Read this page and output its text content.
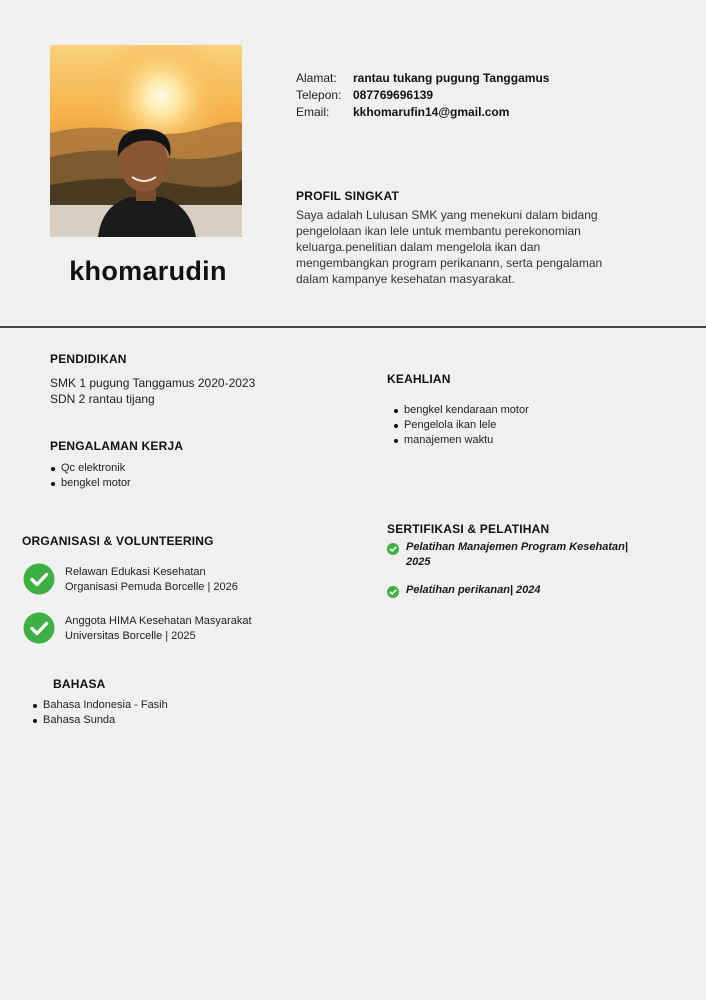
khomarudin
Alamat:	rantau tukang pugung Tanggamus
Telepon: 087769696139
Email:	kkhomarufin14@gmail.com
PROFIL SINGKAT
Saya adalah Lulusan SMK yang menekuni dalam bidang
pengelolaan ikan lele untuk membantu perekonomian
keluarga.penelitian dalam mengelola ikan dan
mengembangkan program perikanann, serta pengalaman
dalam kampanye kesehatan masyarakat.
PENDIDIKAN
SMK 1 pugung Tanggamus 2020-2023
SDN 2 rantau tijang
PENGALAMAN KERJA
Qc elektronik
bengkel motor
ORGANISASI & VOLUNTEERING
Relawan Edukasi Kesehatan
Organisasi Pemuda Borcelle | 2026
Anggota HIMA Kesehatan Masyarakat
Universitas Borcelle | 2025
BAHASA
Bahasa Indonesia - Fasih
Bahasa Sunda
KEAHLIAN
bengkel kendaraan motor
Pengelola ikan lele
manajemen waktu
SERTIFIKASI & PELATIHAN
Pelatihan Manajemen Program Kesehatan|
2025
Pelatihan perikanan| 2024
